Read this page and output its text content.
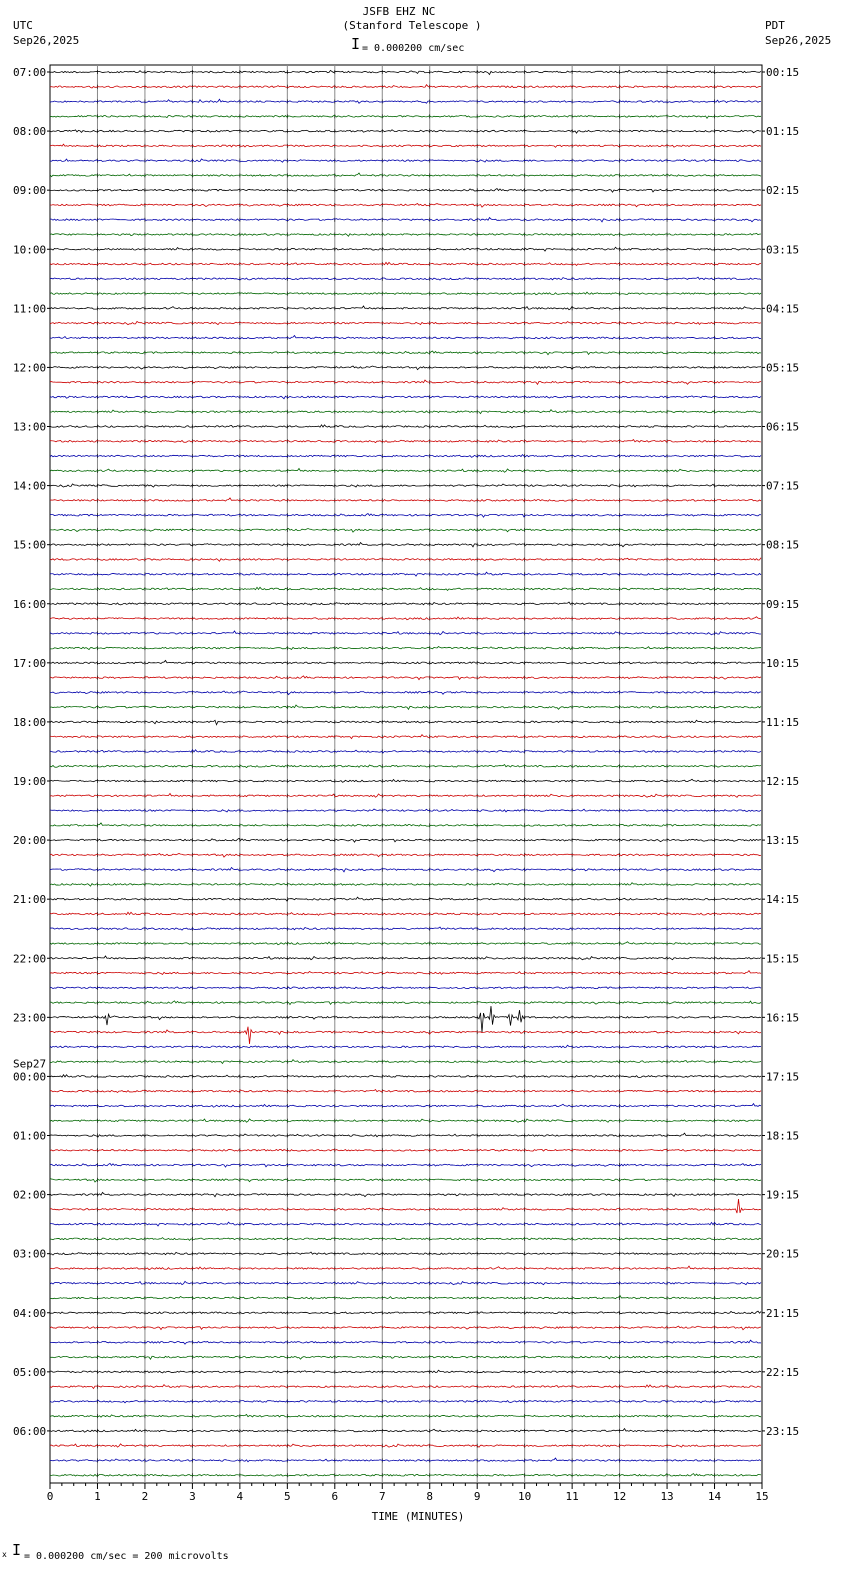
JSFB EHZ NC
(Stanford Telescope )
I = 0.000200 cm/sec
UTC
Sep26,2025
PDT
Sep26,2025
0	1	2	3	4	5	6	7	8	9	10	11	12	13	14	15
07:00
08:00
09:00
10:00
11:00
12:00
13:00
14:00
15:00
16:00
17:00
18:00
19:00
20:00
21:00
22:00
23:00
00:00
Sep27
01:00
02:00
03:00
04:00
05:00
06:00
00:15
01:15
02:15
03:15
04:15
05:15
06:15
07:15
08:15
09:15
10:15
11:15
12:15
13:15
14:15
15:15
16:15
17:15
18:15
19:15
20:15
21:15
22:15
23:15
TIME (MINUTES)
x I = 0.000200 cm/sec = 200 microvolts
